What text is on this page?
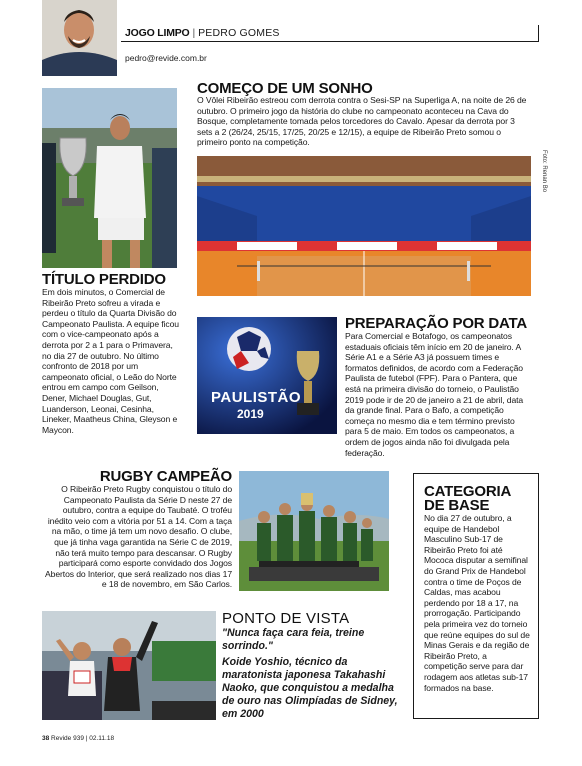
JOGO LIMPO | PEDRO GOMES
pedro@revide.com.br
COMEÇO DE UM SONHO
O Vôlei Ribeirão estreou com derrota contra o Sesi-SP na Superliga A, na noite de 26 de outubro. O primeiro jogo da história do clube no campeonato aconteceu na Cava do Bosque, completamente tomada pelos torcedores do Cavalo. Apesar da derrota por 3 sets a 2 (26/24, 25/15, 17/25, 20/25 e 12/15), a equipe de Ribeirão Preto somou o primeiro ponto na competição.
Foto: Renan Bo
TÍTULO PERDIDO
Em dois minutos, o Comercial de Ribeirão Preto sofreu a virada e perdeu o título da Quarta Divisão do Campeonato Paulista. A equipe ficou com o vice-campeonato após a derrota por 2 a 1 para o Primavera, no dia 27 de outubro. No último confronto de 2018 por um campeonato oficial, o Leão do Norte entrou em campo com Geilson, Dener, Michael Douglas, Gut, Luanderson, Leonai, Cesinha, Lineker, Maatheus China, Gleyson e Maycon.
PAULISTÃO
2019
PREPARAÇÃO POR DATA
Para Comercial e Botafogo, os campeonatos estaduais oficiais têm início em 20 de janeiro. A Série A1 e a Série A3 já possuem times e formatos definidos, de acordo com a Federação Paulista de futebol (FPF). Para o Pantera, que está na primeira divisão do torneio, o Paulistão 2019 pode ir de 20 de janeiro a 21 de abril, data da grande final. Para o Bafo, a competição começa no mesmo dia e tem término previsto para 5 de maio. Em todos os campeonatos, a ordem de jogos ainda não foi divulgada pela federação.
RUGBY CAMPEÃO
O Ribeirão Preto Rugby conquistou o título do Campeonato Paulista da Série D neste 27 de outubro, contra a equipe do Taubaté. O troféu inédito veio com a vitória por 51 a 14. Com a taça na mão, o time já tem um novo desafio. O clube, que já tinha vaga garantida na Série C de 2019, não terá muito tempo para descansar. O Rugby participará como esporte convidado dos Jogos Abertos do Interior, que será realizado nos dias 17 e 18 de novembro, em São Carlos.
CATEGORIA DE BASE
No dia 27 de outubro, a equipe de Handebol Masculino Sub-17 de Ribeirão Preto foi até Mococa disputar a semifinal do Grand Prix de Handebol contra o time de Poços de Caldas, mas acabou perdendo por 18 a 17, na prorrogação. Participando pela primeira vez do torneio que reúne equipes do sul de Minas Gerais e da região de Ribeirão Preto, a competição serve para dar rodagem aos atletas sub-17 formados na base.
PONTO DE VISTA
"Nunca faça cara feia, treine sorrindo."
Koide Yoshio, técnico da maratonista japonesa Takahashi Naoko, que conquistou a medalha de ouro nas Olimpíadas de Sidney, em 2000
38 Revide 939 | 02.11.18
